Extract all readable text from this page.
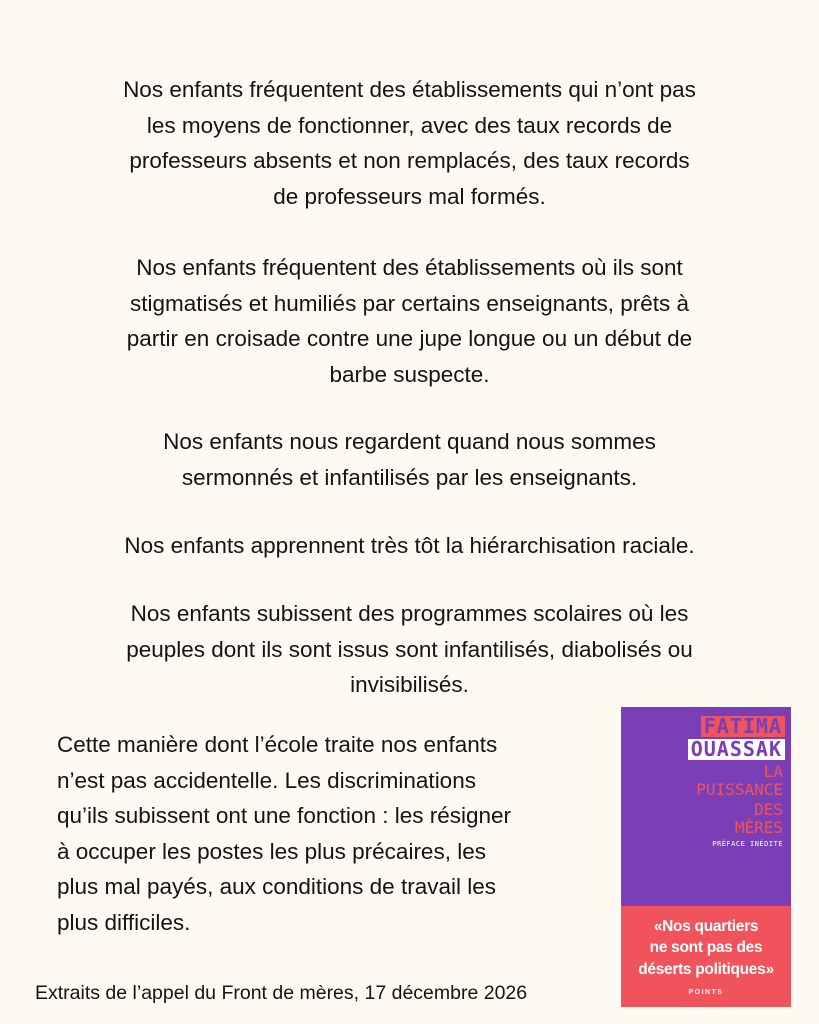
Nos enfants fréquentent des établissements qui n’ont pas
les moyens de fonctionner, avec des taux records de
professeurs absents et non remplacés, des taux records
de professeurs mal formés.

Nos enfants fréquentent des établissements où ils sont
stigmatisés et humiliés par certains enseignants, prêts à
partir en croisade contre une jupe longue ou un début de
barbe suspecte.

Nos enfants nous regardent quand nous sommes
sermonnés et infantilisés par les enseignants.

Nos enfants apprennent très tôt la hiérarchisation raciale.

Nos enfants subissent des programmes scolaires où les
peuples dont ils sont issus sont infantilisés, diabolisés ou
invisibilisés.

Cette manière dont l’école traite nos enfants
n’est pas accidentelle. Les discriminations
qu’ils subissent ont une fonction : les résigner
à occuper les postes les plus précaires, les
plus mal payés, aux conditions de travail les
plus difficiles.

Extraits de l’appel du Front de mères, 17 décembre 2026

FATIMA
OUASSAK
LA
PUISSANCE
DES
MÈRES
PRÉFACE INÉDITE
«Nos quartiers
ne sont pas des
déserts politiques»
POINTS
